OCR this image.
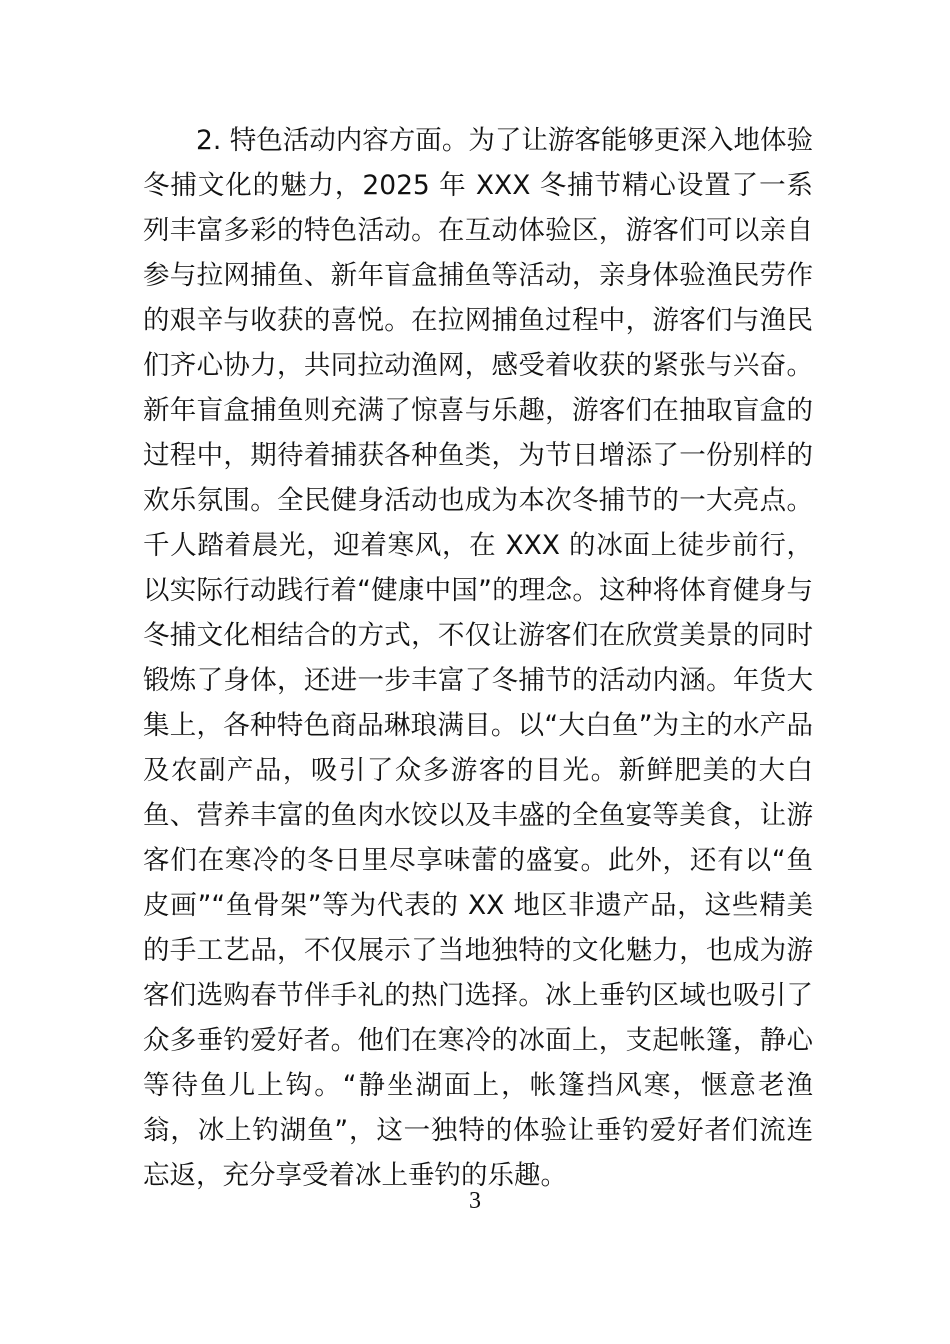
2. 特色活动内容方面。为了让游客能够更深入地体验冬捕文化的魅力，2025 年 XXX 冬捕节精心设置了一系列丰富多彩的特色活动。在互动体验区，游客们可以亲自参与拉网捕鱼、新年盲盒捕鱼等活动，亲身体验渔民劳作的艰辛与收获的喜悦。在拉网捕鱼过程中，游客们与渔民们齐心协力，共同拉动渔网，感受着收获的紧张与兴奋。新年盲盒捕鱼则充满了惊喜与乐趣，游客们在抽取盲盒的过程中，期待着捕获各种鱼类，为节日增添了一份别样的欢乐氛围。全民健身活动也成为本次冬捕节的一大亮点。千人踏着晨光，迎着寒风，在 XXX 的冰面上徒步前行，以实际行动践行着“健康中国”的理念。这种将体育健身与冬捕文化相结合的方式，不仅让游客们在欣赏美景的同时锻炼了身体，还进一步丰富了冬捕节的活动内涵。年货大集上，各种特色商品琳琅满目。以“大白鱼”为主的水产品及农副产品，吸引了众多游客的目光。新鲜肥美的大白鱼、营养丰富的鱼肉水饺以及丰盛的全鱼宴等美食，让游客们在寒冷的冬日里尽享味蕾的盛宴。此外，还有以“鱼皮画”“鱼骨架”等为代表的 XX 地区非遗产品，这些精美的手工艺品，不仅展示了当地独特的文化魅力，也成为游客们选购春节伴手礼的热门选择。冰上垂钓区域也吸引了众多垂钓爱好者。他们在寒冷的冰面上，支起帐篷，静心等待鱼儿上钩。“静坐湖面上，帐篷挡风寒，惬意老渔翁，冰上钓湖鱼”，这一独特的体验让垂钓爱好者们流连忘返，充分享受着冰上垂钓的乐趣。

3
